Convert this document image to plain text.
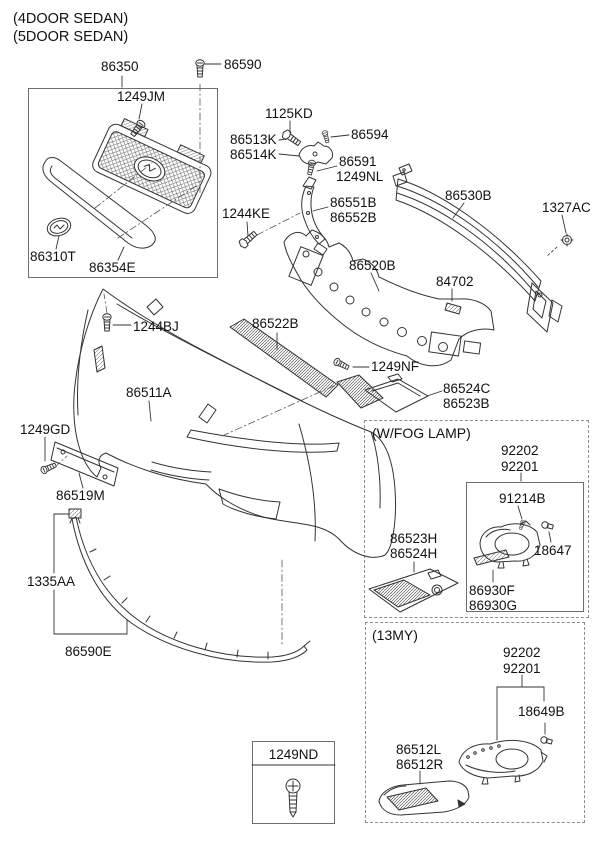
(4DOOR SEDAN)
(5DOOR SEDAN)
86350	86590
1249JM
1125KD
86513K
86514K
86594
86591
1249NL
86530B
1327AC
1244KE
86551B
86552B
86520B
84702
86310T
86354E
86522B
1244BJ
86511A
1249NF
86524C
86523B
1249GD
86519M
1335AA
86590E
(W/FOG LAMP)
92202
92201
91214B
18647
86523H
86524H
86930F
86930G
(13MY)
92202
92201
18649B
86512L
86512R
1249ND
